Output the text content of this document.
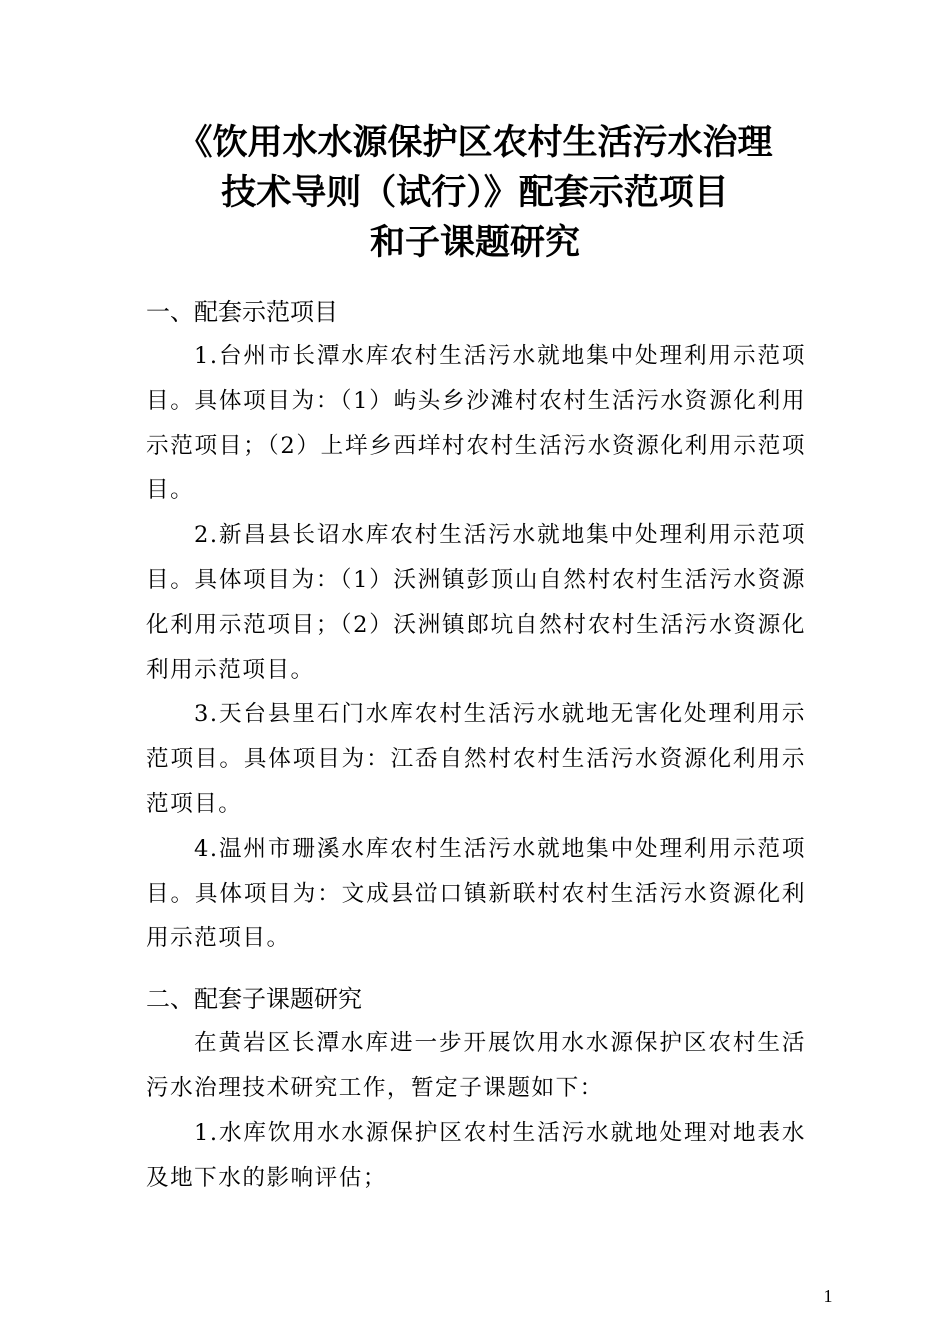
《饮用水水源保护区农村生活污水治理
技术导则（试行）》配套示范项目
和子课题研究

一、配套示范项目

1.台州市长潭水库农村生活污水就地集中处理利用示范项目。具体项目为：（1）屿头乡沙滩村农村生活污水资源化利用示范项目；（2）上垟乡西垟村农村生活污水资源化利用示范项目。

2.新昌县长诏水库农村生活污水就地集中处理利用示范项目。具体项目为：（1）沃洲镇彭顶山自然村农村生活污水资源化利用示范项目；（2）沃洲镇郎坑自然村农村生活污水资源化利用示范项目。

3.天台县里石门水库农村生活污水就地无害化处理利用示范项目。具体项目为：江岙自然村农村生活污水资源化利用示范项目。

4.温州市珊溪水库农村生活污水就地集中处理利用示范项目。具体项目为：文成县峃口镇新联村农村生活污水资源化利用示范项目。

二、配套子课题研究

在黄岩区长潭水库进一步开展饮用水水源保护区农村生活污水治理技术研究工作，暂定子课题如下：

1.水库饮用水水源保护区农村生活污水就地处理对地表水及地下水的影响评估；

1
